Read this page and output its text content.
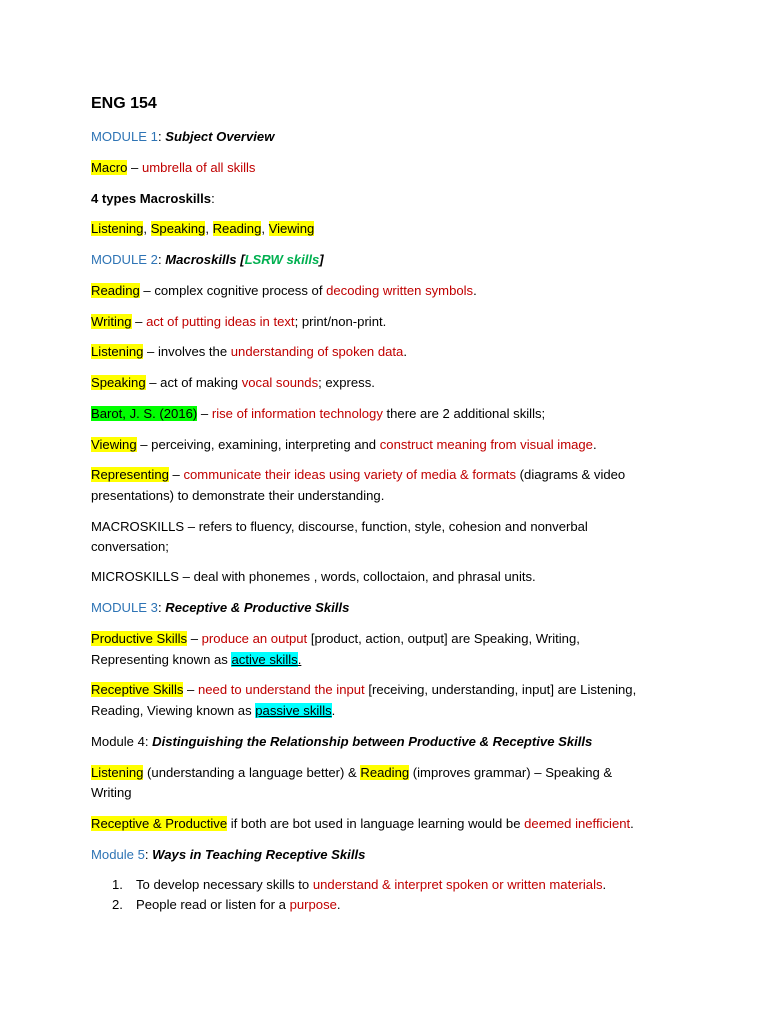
ENG 154
MODULE 1: Subject Overview
Macro – umbrella of all skills
4 types Macroskills:
Listening, Speaking, Reading, Viewing
MODULE 2: Macroskills [LSRW skills]
Reading – complex cognitive process of decoding written symbols.
Writing – act of putting ideas in text; print/non-print.
Listening – involves the understanding of spoken data.
Speaking – act of making vocal sounds; express.
Barot, J. S. (2016) – rise of information technology there are 2 additional skills;
Viewing – perceiving, examining, interpreting and construct meaning from visual image.
Representing – communicate their ideas using variety of media & formats (diagrams & video
presentations) to demonstrate their understanding.
MACROSKILLS – refers to fluency, discourse, function, style, cohesion and nonverbal
conversation;
MICROSKILLS – deal with phonemes , words, colloctaion, and phrasal units.
MODULE 3: Receptive & Productive Skills
Productive Skills – produce an output [product, action, output] are Speaking, Writing,
Representing known as active skills.
Receptive Skills – need to understand the input [receiving, understanding, input] are Listening,
Reading, Viewing known as passive skills.
Module 4: Distinguishing the Relationship between Productive & Receptive Skills
Listening (understanding a language better) & Reading (improves grammar) – Speaking &
Writing
Receptive & Productive if both are bot used in language learning would be deemed inefficient.
Module 5: Ways in Teaching Receptive Skills
1. To develop necessary skills to understand & interpret spoken or written materials.
2. People read or listen for a purpose.
